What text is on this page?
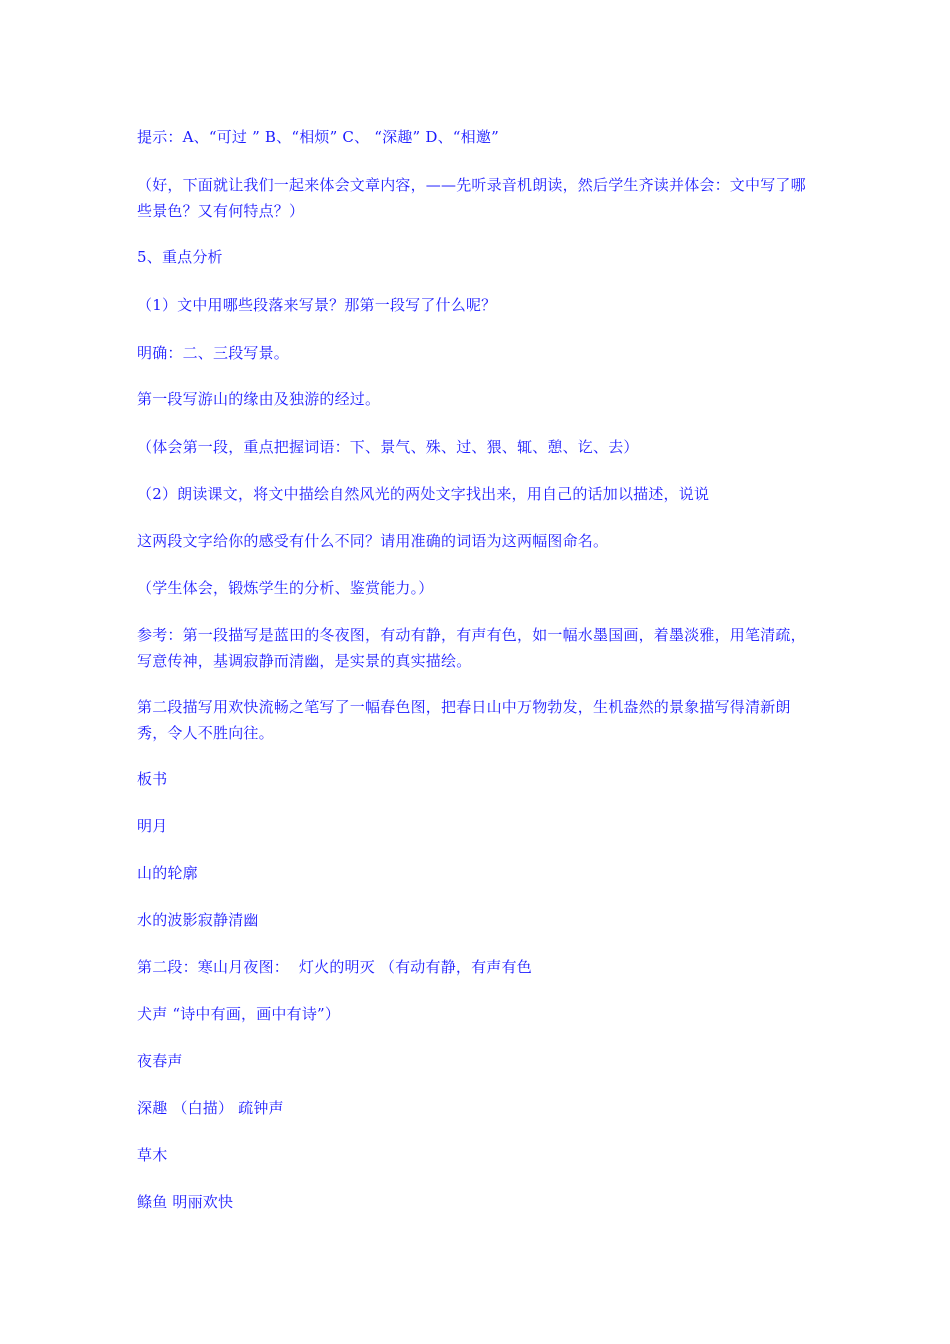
提示：A、“可过 ” B、“相烦” C、 “深趣” D、“相邀”

（好，下面就让我们一起来体会文章内容，——先听录音机朗读，然后学生齐读并体会：文中写了哪些景色？又有何特点？）

5、重点分析

（1）文中用哪些段落来写景？那第一段写了什么呢？

明确：二、三段写景。

第一段写游山的缘由及独游的经过。

（体会第一段，重点把握词语：下、景气、殊、过、猥、辄、憩、讫、去）

（2）朗读课文，将文中描绘自然风光的两处文字找出来，用自己的话加以描述，说说

这两段文字给你的感受有什么不同？请用准确的词语为这两幅图命名。

（学生体会，锻炼学生的分析、鉴赏能力。）

参考：第一段描写是蓝田的冬夜图，有动有静，有声有色，如一幅水墨国画，着墨淡雅，用笔清疏，写意传神，基调寂静而清幽，是实景的真实描绘。

第二段描写用欢快流畅之笔写了一幅春色图，把春日山中万物勃发，生机盎然的景象描写得清新朗秀，令人不胜向往。

板书

明月

山的轮廓

水的波影寂静清幽

第二段：寒山月夜图：  灯火的明灭 （有动有静，有声有色

犬声 “诗中有画，画中有诗”）

夜春声

深趣 （白描） 疏钟声

草木

鲦鱼 明丽欢快
